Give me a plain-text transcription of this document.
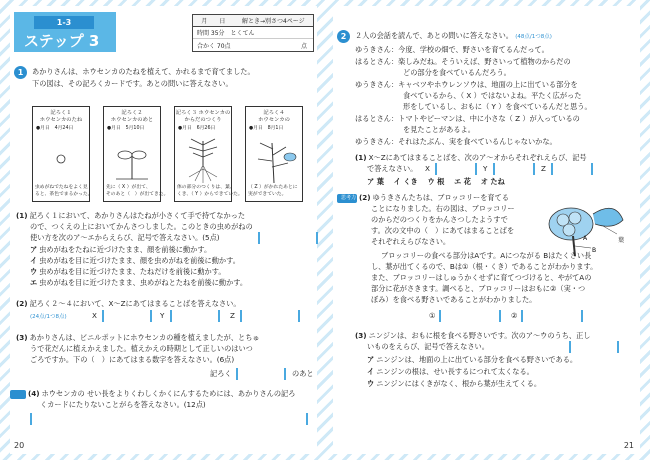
1-3
ステップ 3
月　　日	解とき→別さつ4ページ
時間 35分 とくてん
合かく 70点	点
1	あかりさんは、ホウセンカのたねを植えて、かれるまで育てました。
下の図は、その記ろくカードです。あとの問いに答えなさい。
記ろく１
ホウセンカのたね
●月日　4月24日
虫めがねでたねをよく見
ると、茶色でまるかった。
記ろく２
ホウセンカのめと
●月日　5月10日
先に（ X ）が出て、
そのあと（　）が出てきた。
記ろく３ ホウセンカの
からだのつくり
●月日　6月26日
体の部分のつくりは、葉、
くき、（ Y ）からできていた。
記ろく４
ホウセンカの
●月日　8月1日
（ Z ）がかれたあとに
実ができていた。
(1) 記ろく１において、あかりさんはたねが小さくて手で持てなかった
ので、つくえの上においてかんさつしました。このときの虫めがねの
使い方を次のア〜エからえらび、記号で答えなさい。(5点)
ア 虫めがねをたねに近づけたまま、顔を前後に動かす。
イ 虫めがねを目に近づけたまま、顔を虫めがねを前後に動かす。
ウ 虫めがねを目に近づけたまま、たねだけを前後に動かす。
エ 虫めがねを目に近づけたまま、虫めがねとたねを前後に動かす。
(2) 記ろく２〜４において、X〜Zにあてはまることばを答えなさい。
(24点/1つ8点)	X	Y	Z
(3) あかりさんは、ビニルポットにホウセンカの種を植えましたが、とちゅ
うで花だんに植えかえました。植えかえの時期として正しいのはいつ
ごろですか。下の（　）にあてはまる数字を答えなさい。(6点)
記ろく	のあと
(4) ホウセンカの せい長をよりくわしくかくにんするためには、あかりさんの記ろ
くカードにたりないことがらを答えなさい。(12点)
20
2	２人の会話を読んで、あとの問いに答えなさい。 (48点/1つ8点)
ゆうきさん：今度、学校の畑で、野さいを育てるんだって。
はるとさん：楽しみだね。そういえば、野さいって植物のからだの
どの部分を食べているんだろう。
ゆうきさん：キャベツやホウレンソウは、地面の上に出ている部分を
食べているから、（ X ）ではないよね。平たく広がった
形をしているし、おもに（ Y ）を食べているんだと思う。
はるとさん：トマトやピーマンは、中に小さな（ Z ）が入っているの
を見たことがあるよ。
ゆうきさん：それはたぶん、実を食べているんじゃないかな。
(1) X〜Zにあてはまることばを、次のア〜オからそれぞれえらび、記号
で答えなさい。 X	Y	Z
ア 葉　 イ くき　 ウ 根　 エ 花　 オ たね
思考力 (2) ゆうきさんたちは、ブロッコリーを育てる
ことになりました。右の図は、ブロッコリー
のからだのつくりをかんさつしたようすで
す。次の文中の（　）にあてはまることばを
それぞれえらびなさい。	A
B
葉
ブロッコリーの食べる部分はAです。Aにつながる Bはたくさい長
し、葉が出てくるので、Bは①（根・くき）であることがわかります。
また、ブロッコリーはしゅうかくせずに育てつづけると、やがてAの
部分に花がさきます。調べると、ブロッコリーはおもに②（実・つ
ぼみ）を食べる野さいであることがわかりました。
①	②
(3) ニンジンは、おもに根を食べる野さいです。次のア〜ウのうち、正し
いものをえらび、記号で答えなさい。
ア ニンジンは、地面の上に出ている部分を食べる野さいである。
イ ニンジンの根は、せい長するにつれて太くなる。
ウ ニンジンにはくきがなく、根から葉が生えてくる。
21
